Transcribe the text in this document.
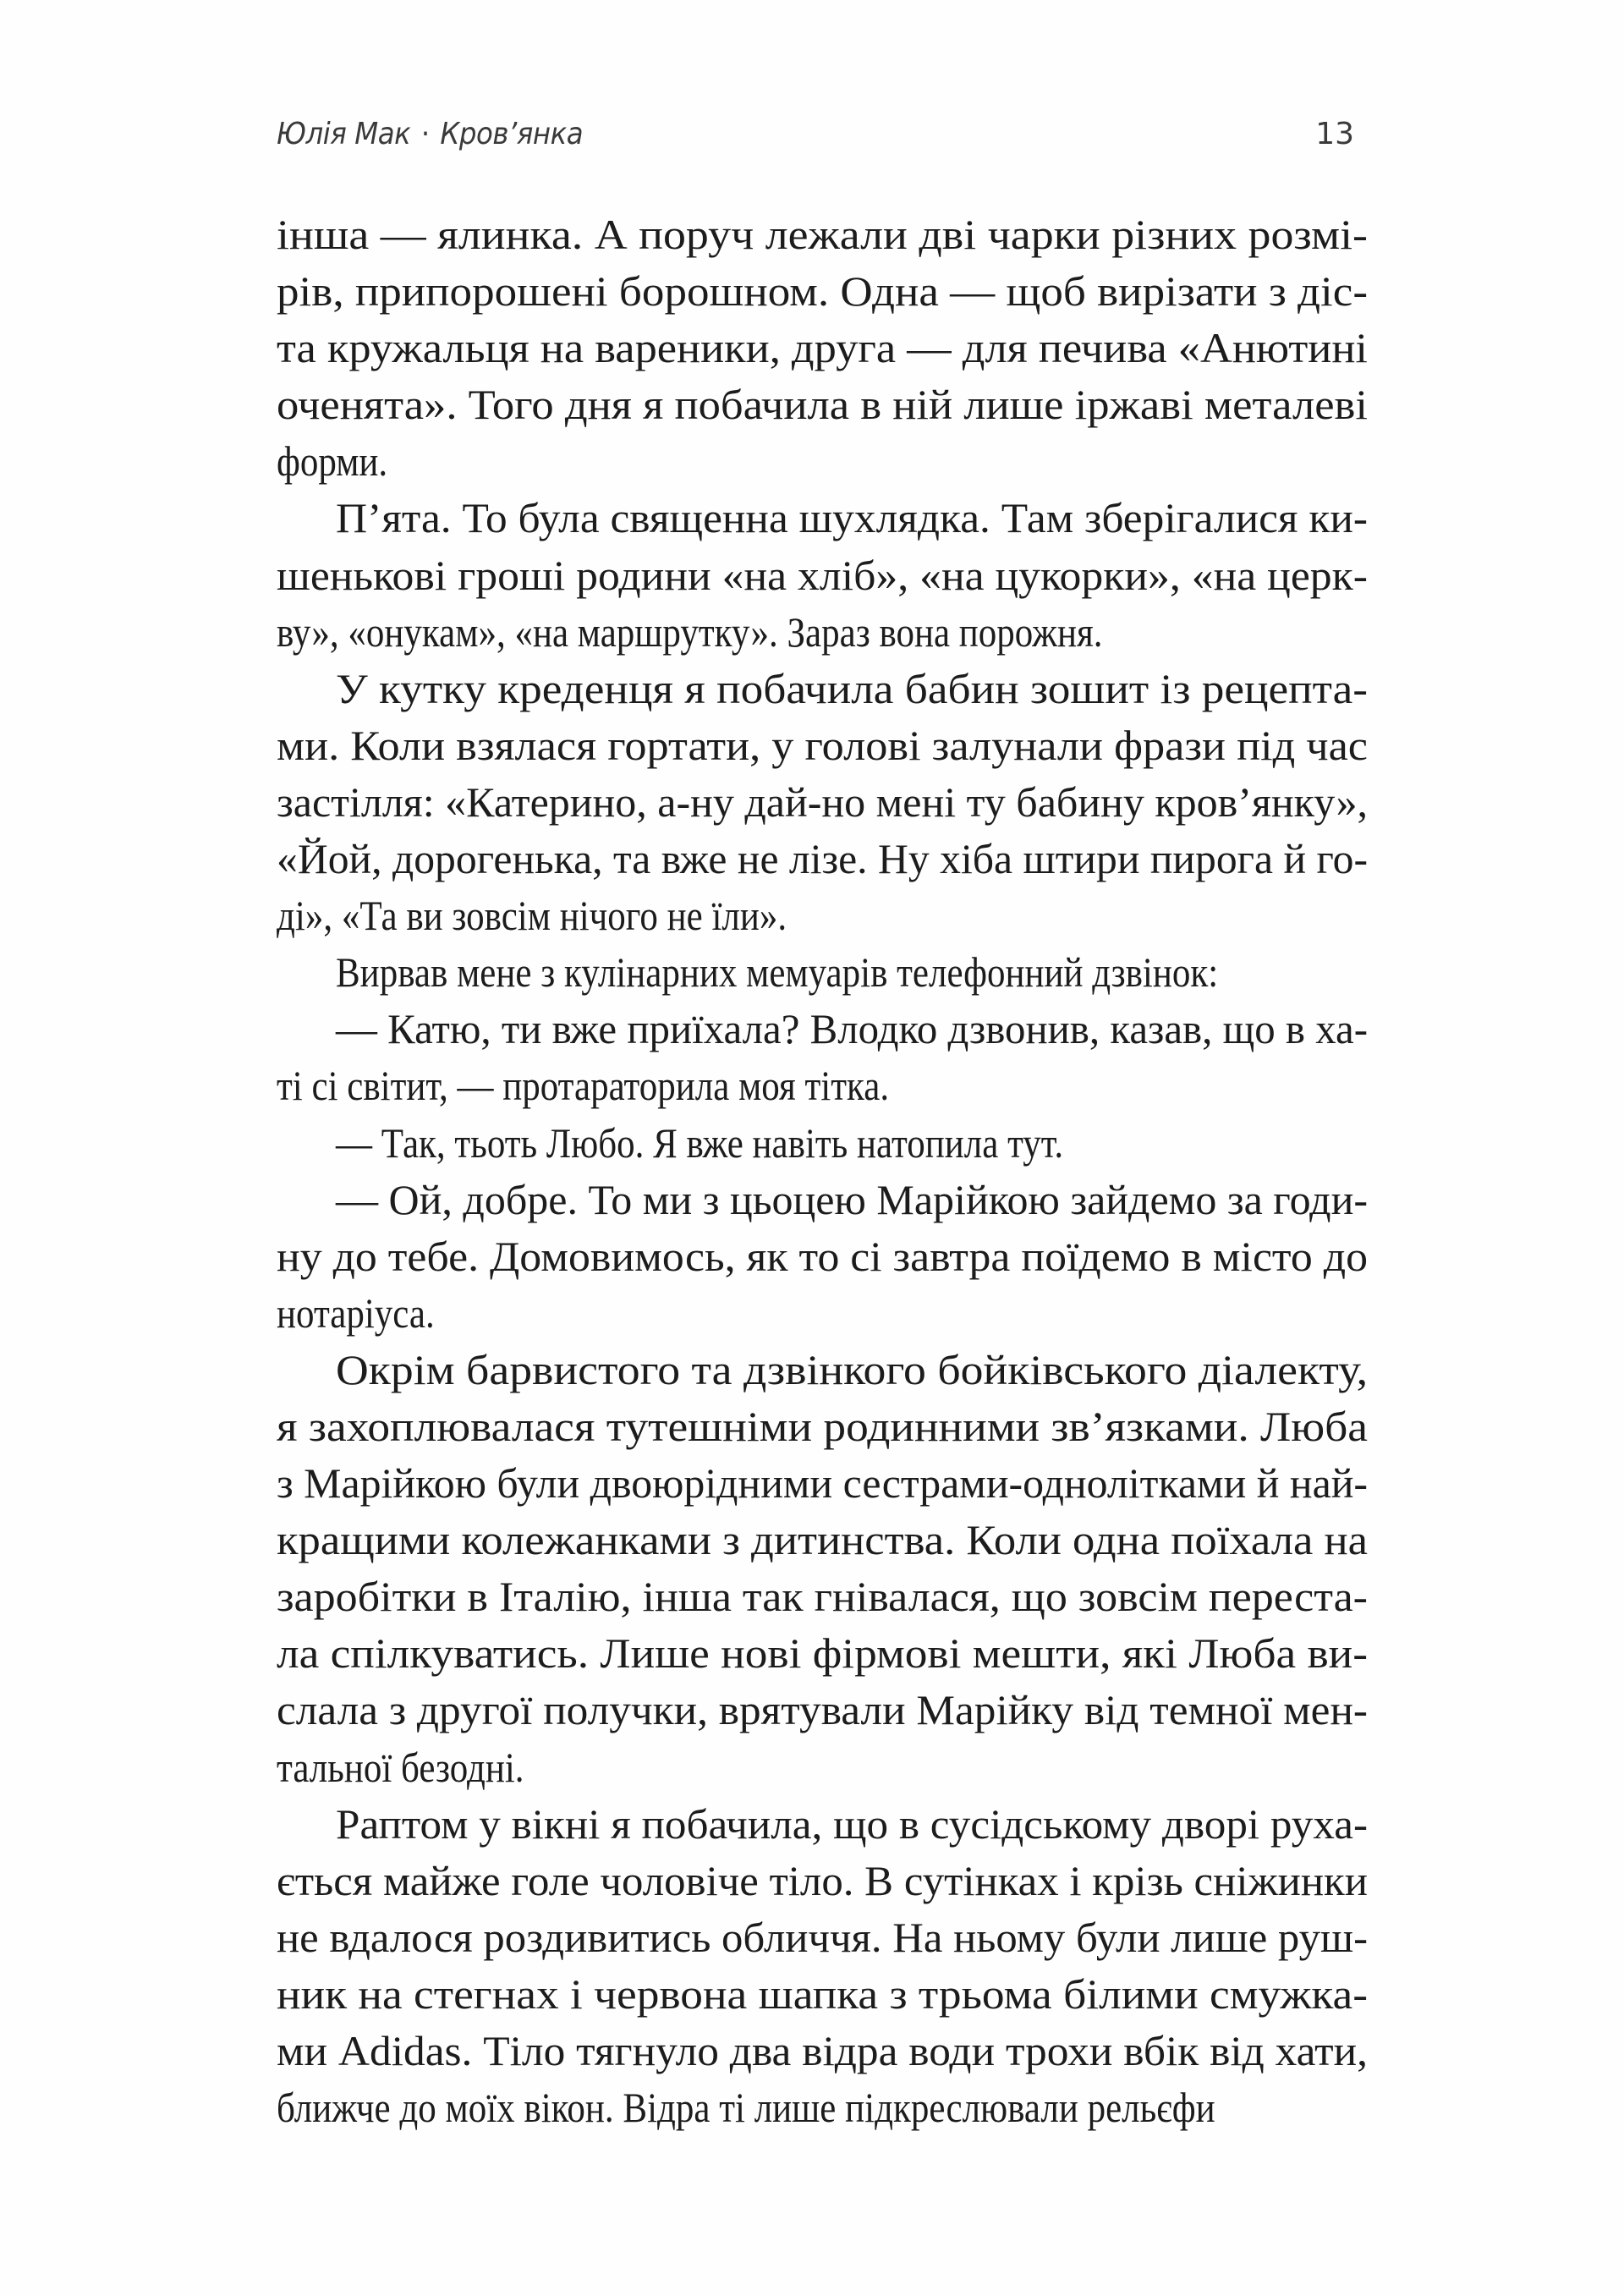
Юлія Мак · Кров’янка	13
інша — ялинка. А поруч лежали дві чарки різних розмі-
рів, припорошені борошном. Одна — щоб вирізати з діс-
та кружальця на вареники, друга — для печива «Анютині
оченята». Того дня я побачила в ній лише іржаві металеві
форми.
П’ята. То була священна шухлядка. Там зберігалися ки-
шенькові гроші родини «на хліб», «на цукорки», «на церк-
ву», «онукам», «на маршрутку». Зараз вона порожня.
У кутку креденця я побачила бабин зошит із рецепта-
ми. Коли взялася гортати, у голові залунали фрази під час
застілля: «Катерино, а-ну дай-но мені ту бабину кров’янку»,
«Йой, дорогенька, та вже не лізе. Ну хіба штири пирога й го-
ді», «Та ви зовсім нічого не їли».
Вирвав мене з кулінарних мемуарів телефонний дзвінок:
— Катю, ти вже приїхала? Влодко дзвонив, казав, що в ха-
ті сі світит, — протараторила моя тітка.
— Так, тьоть Любо. Я вже навіть натопила тут.
— Ой, добре. То ми з цьоцею Марійкою зайдемо за годи-
ну до тебе. Домовимось, як то сі завтра поїдемо в місто до
нотаріуса.
Окрім барвистого та дзвінкого бойківського діалекту,
я захоплювалася тутешніми родинними зв’язками. Люба
з Марійкою були двоюрідними сестрами-однолітками й най-
кращими колежанками з дитинства. Коли одна поїхала на
заробітки в Італію, інша так гнівалася, що зовсім переста-
ла спілкуватись. Лише нові фірмові мешти, які Люба ви-
слала з другої получки, врятували Марійку від темної мен-
тальної безодні.
Раптом у вікні я побачила, що в сусідському дворі руха-
ється майже голе чоловіче тіло. В сутінках і крізь сніжинки
не вдалося роздивитись обличчя. На ньому були лише руш-
ник на стегнах і червона шапка з трьома білими смужка-
ми Adidas. Тіло тягнуло два відра води трохи вбік від хати,
ближче до моїх вікон. Відра ті лише підкреслювали рельєфи
